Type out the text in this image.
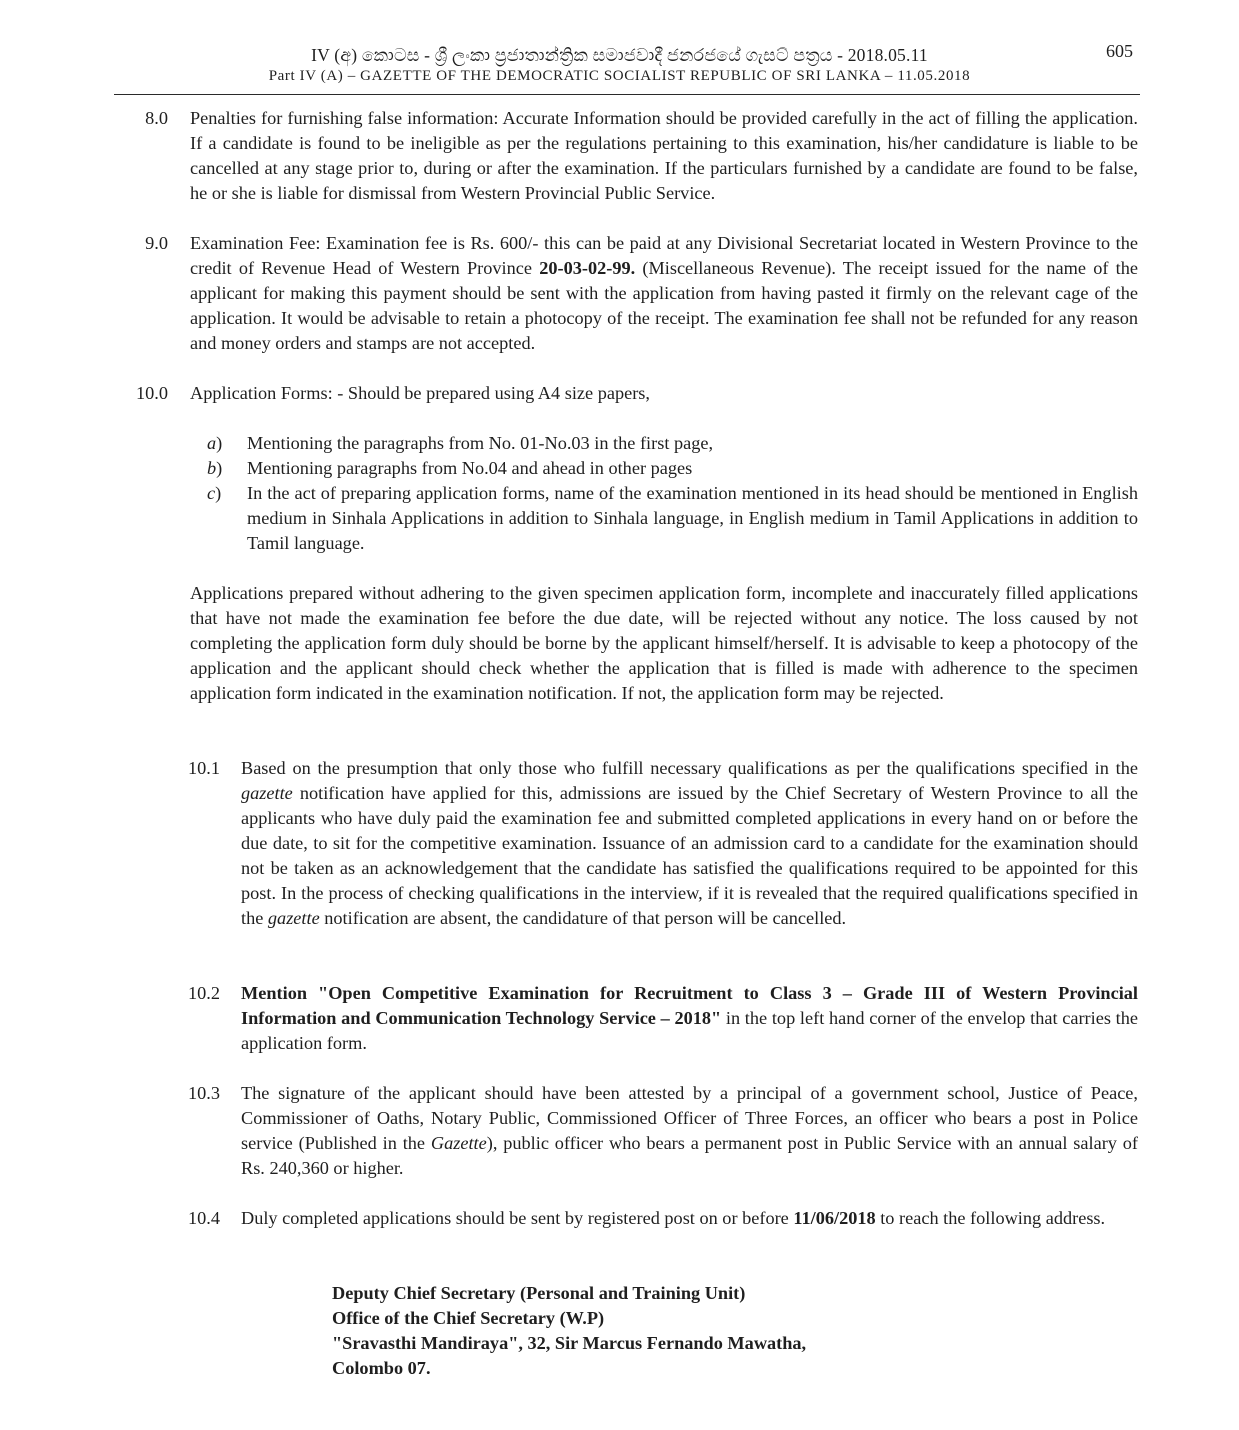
IV (අ) කොටස - ශ්‍රී ලංකා ප්‍රජාතාන්ත්‍රික සමාජවාදී ජනරජයේ ගැසට් පත්‍රය - 2018.05.11	605
Part IV (A) – GAZETTE OF THE DEMOCRATIC SOCIALIST REPUBLIC OF SRI LANKA – 11.05.2018
8.0 Penalties for furnishing false information: Accurate Information should be provided carefully in the act of filling the application. If a candidate is found to be ineligible as per the regulations pertaining to this examination, his/her candidature is liable to be cancelled at any stage prior to, during or after the examination. If the particulars furnished by a candidate are found to be false, he or she is liable for dismissal from Western Provincial Public Service.
9.0 Examination Fee: Examination fee is Rs. 600/- this can be paid at any Divisional Secretariat located in Western Province to the credit of Revenue Head of Western Province 20-03-02-99. (Miscellaneous Revenue). The receipt issued for the name of the applicant for making this payment should be sent with the application from having pasted it firmly on the relevant cage of the application. It would be advisable to retain a photocopy of the receipt. The examination fee shall not be refunded for any reason and money orders and stamps are not accepted.
10.0 Application Forms: - Should be prepared using A4 size papers,
a) Mentioning the paragraphs from No. 01-No.03 in the first page,
b) Mentioning paragraphs from No.04 and ahead in other pages
c) In the act of preparing application forms, name of the examination mentioned in its head should be mentioned in English medium in Sinhala Applications in addition to Sinhala language, in English medium in Tamil Applications in addition to Tamil language.
Applications prepared without adhering to the given specimen application form, incomplete and inaccurately filled applications that have not made the examination fee before the due date, will be rejected without any notice. The loss caused by not completing the application form duly should be borne by the applicant himself/herself. It is advisable to keep a photocopy of the application and the applicant should check whether the application that is filled is made with adherence to the specimen application form indicated in the examination notification. If not, the application form may be rejected.
10.1 Based on the presumption that only those who fulfill necessary qualifications as per the qualifications specified in the gazette notification have applied for this, admissions are issued by the Chief Secretary of Western Province to all the applicants who have duly paid the examination fee and submitted completed applications in every hand on or before the due date, to sit for the competitive examination. Issuance of an admission card to a candidate for the examination should not be taken as an acknowledgement that the candidate has satisfied the qualifications required to be appointed for this post. In the process of checking qualifications in the interview, if it is revealed that the required qualifications specified in the gazette notification are absent, the candidature of that person will be cancelled.
10.2 Mention "Open Competitive Examination for Recruitment to Class 3 – Grade III of Western Provincial Information and Communication Technology Service – 2018" in the top left hand corner of the envelop that carries the application form.
10.3 The signature of the applicant should have been attested by a principal of a government school, Justice of Peace, Commissioner of Oaths, Notary Public, Commissioned Officer of Three Forces, an officer who bears a post in Police service (Published in the Gazette), public officer who bears a permanent post in Public Service with an annual salary of Rs. 240,360 or higher.
10.4 Duly completed applications should be sent by registered post on or before 11/06/2018 to reach the following address.
Deputy Chief Secretary (Personal and Training Unit)
Office of the Chief Secretary (W.P)
"Sravasthi Mandiraya", 32, Sir Marcus Fernando Mawatha,
Colombo 07.
